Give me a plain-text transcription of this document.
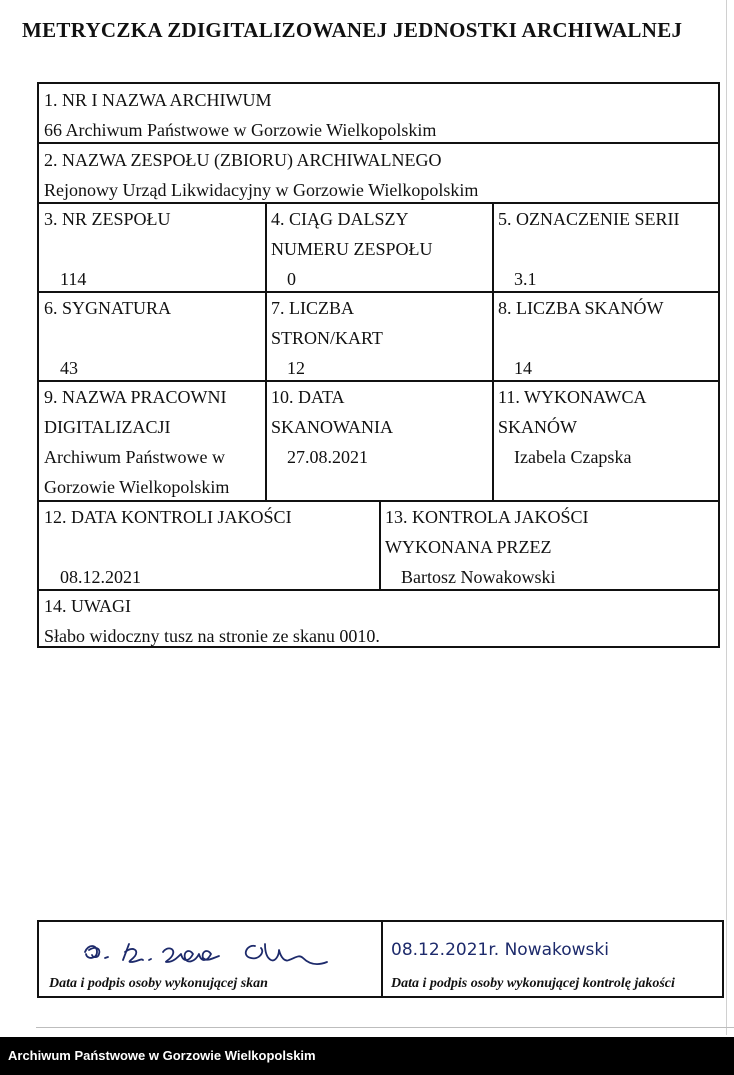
METRYCZKA ZDIGITALIZOWANEJ JEDNOSTKI ARCHIWALNEJ
1. NR I NAZWA ARCHIWUM
66 Archiwum Państwowe w Gorzowie Wielkopolskim
2. NAZWA ZESPOŁU (ZBIORU) ARCHIWALNEGO
Rejonowy Urząd Likwidacyjny w Gorzowie Wielkopolskim
3. NR ZESPOŁU
114
4. CIĄG DALSZY
NUMERU ZESPOŁU
0
5. OZNACZENIE SERII
3.1
6. SYGNATURA
43
7. LICZBA
STRON/KART
12
8. LICZBA SKANÓW
14
9. NAZWA PRACOWNI
DIGITALIZACJI
Archiwum Państwowe w
Gorzowie Wielkopolskim
10. DATA
SKANOWANIA
27.08.2021
11. WYKONAWCA
SKANÓW
Izabela Czapska
12. DATA KONTROLI JAKOŚCI
08.12.2021
13. KONTROLA JAKOŚCI
WYKONANA PRZEZ
Bartosz Nowakowski
14. UWAGI
Słabo widoczny tusz na stronie ze skanu 0010.
Data i podpis osoby wykonującej skan
08.12.2021r. Nowakowski
Data i podpis osoby wykonującej kontrolę jakości
Archiwum Państwowe w Gorzowie Wielkopolskim
